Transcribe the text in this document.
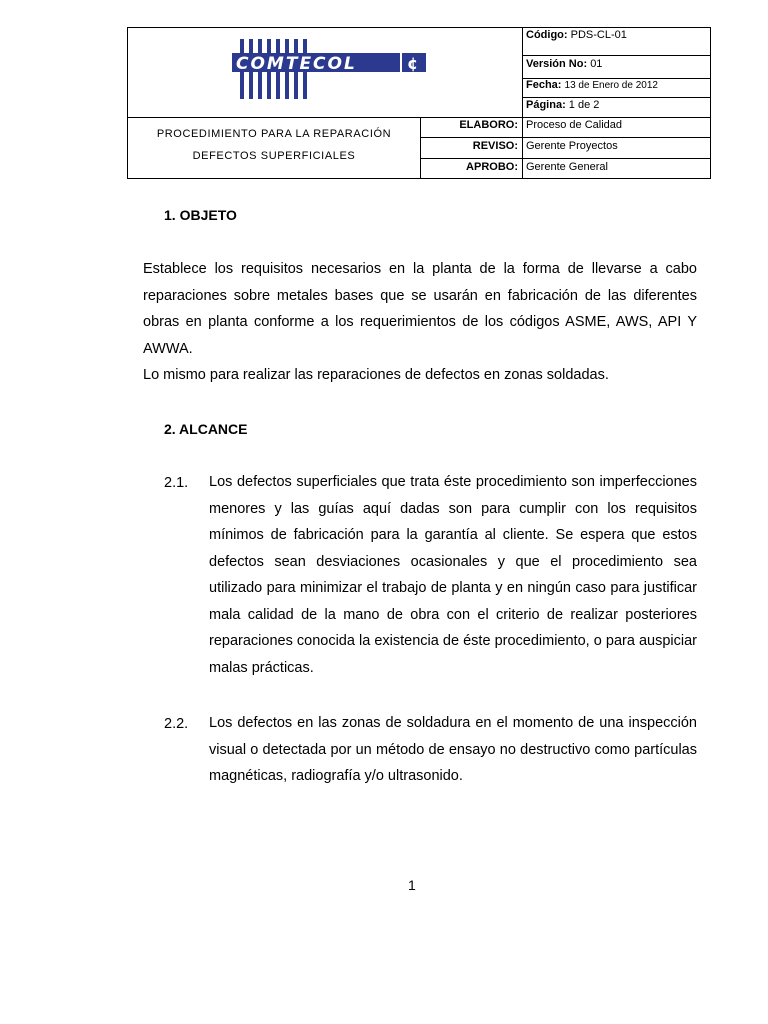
COMTECOL	¢
Código: PDS-CL-01
Versión No: 01
Fecha: 13 de Enero de 2012
Página: 1 de 2
PROCEDIMIENTO PARA LA REPARACIÓN
DEFECTOS SUPERFICIALES
ELABORO: Proceso de Calidad
REVISO: Gerente Proyectos
APROBO: Gerente General
1. OBJETO
Establece los requisitos necesarios en la planta de la forma de llevarse a cabo reparaciones sobre metales bases que se usarán en fabricación de las diferentes obras en planta conforme a los requerimientos de los códigos ASME, AWS, API Y AWWA.
Lo mismo para realizar las reparaciones de defectos en zonas soldadas.
2. ALCANCE
2.1. Los defectos superficiales que trata éste procedimiento son imperfecciones menores y las guías aquí dadas son para cumplir con los requisitos mínimos de fabricación para la garantía al cliente. Se espera que estos defectos sean desviaciones ocasionales y que el procedimiento sea utilizado para minimizar el trabajo de planta y en ningún caso para justificar mala calidad de la mano de obra con el criterio de realizar posteriores reparaciones conocida la existencia de éste procedimiento, o para auspiciar malas prácticas.
2.2. Los defectos en las zonas de soldadura en el momento de una inspección visual o detectada por un método de ensayo no destructivo como partículas magnéticas, radiografía y/o ultrasonido.
1
